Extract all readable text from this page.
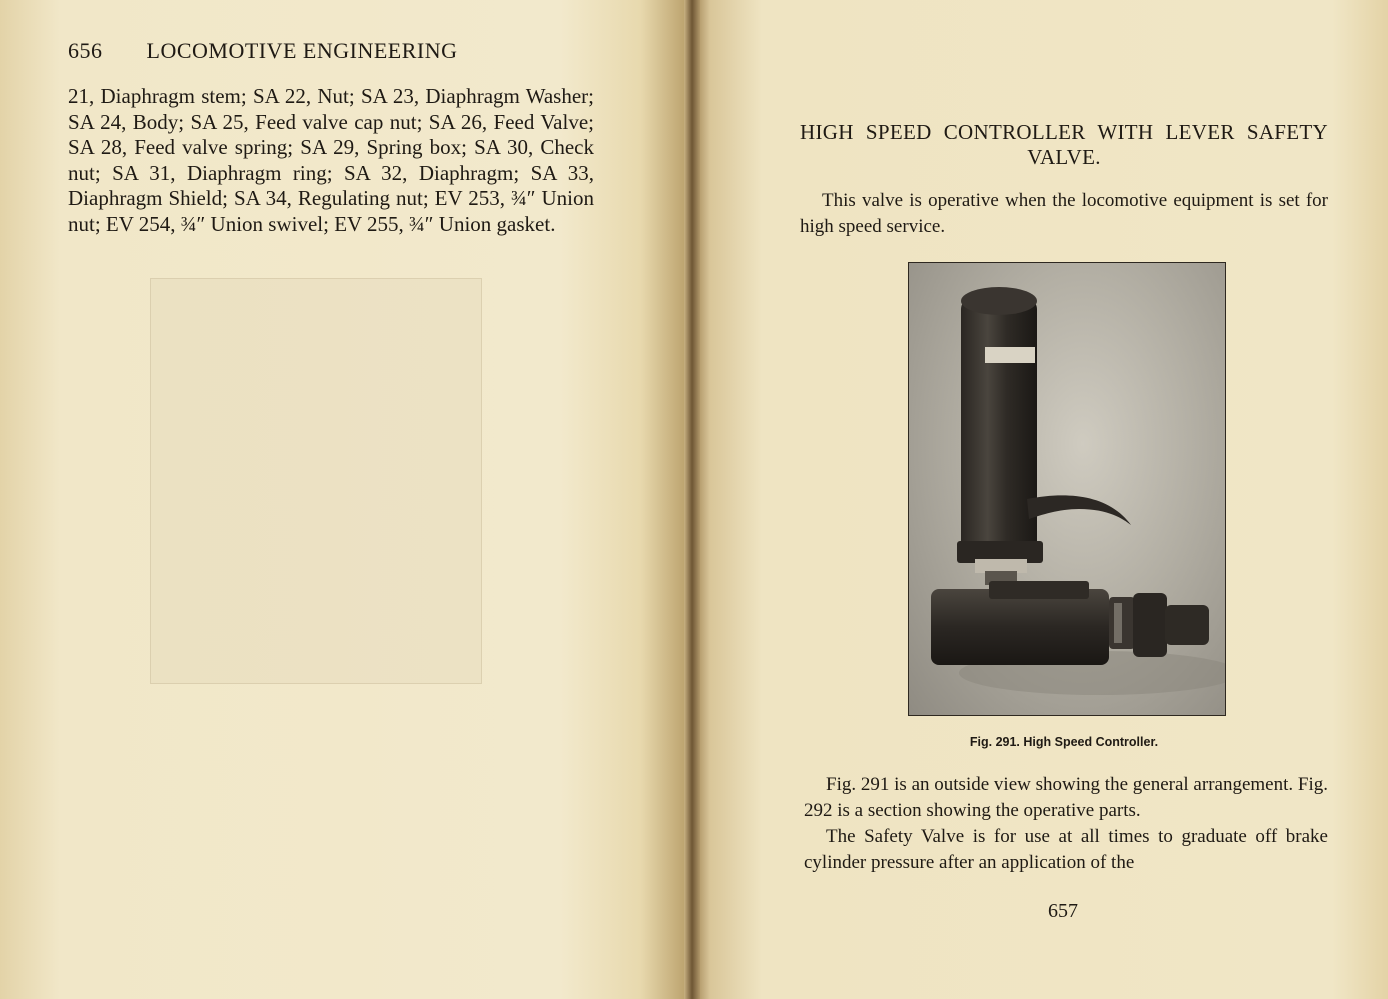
656 LOCOMOTIVE ENGINEERING
21, Diaphragm stem; SA 22, Nut; SA 23, Diaphragm Washer; SA 24, Body; SA 25, Feed valve cap nut; SA 26, Feed Valve; SA 28, Feed valve spring; SA 29, Spring box; SA 30, Check nut; SA 31, Diaphragm ring; SA 32, Diaphragm; SA 33, Diaphragm Shield; SA 34, Regulating nut; EV 253, ¾″ Union nut; EV 254, ¾″ Union swivel; EV 255, ¾″ Union gasket.
HIGH SPEED CONTROLLER WITH LEVER SAFETY VALVE.
This valve is operative when the locomotive equipment is set for high speed service.
Fig. 291. High Speed Controller.

Fig. 291 is an outside view showing the general arrangement. Fig. 292 is a section showing the operative parts.

The Safety Valve is for use at all times to graduate off brake cylinder pressure after an application of the

657
